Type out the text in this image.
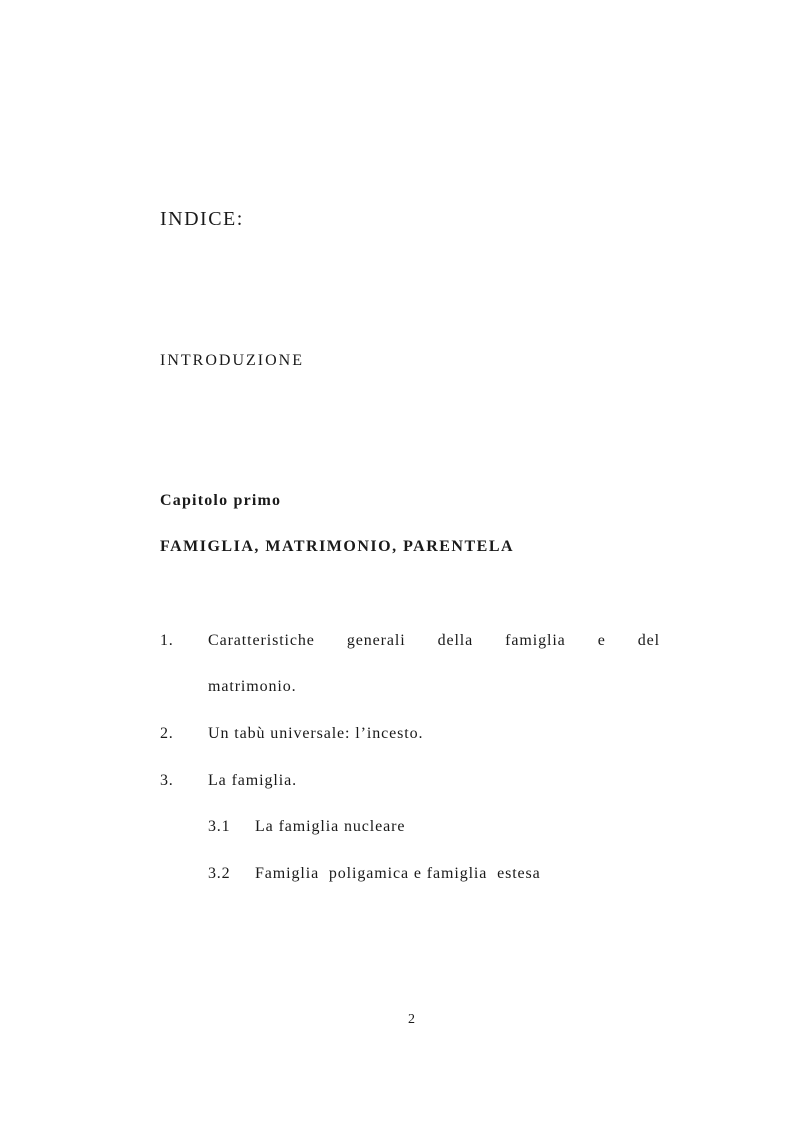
INDICE:
INTRODUZIONE
Capitolo primo
FAMIGLIA, MATRIMONIO, PARENTELA
1. Caratteristiche generali della famiglia e del
matrimonio.
2. Un tabù universale: l’incesto.
3. La famiglia.
3.1 La famiglia nucleare
3.2 Famiglia  poligamica e famiglia  estesa
2
